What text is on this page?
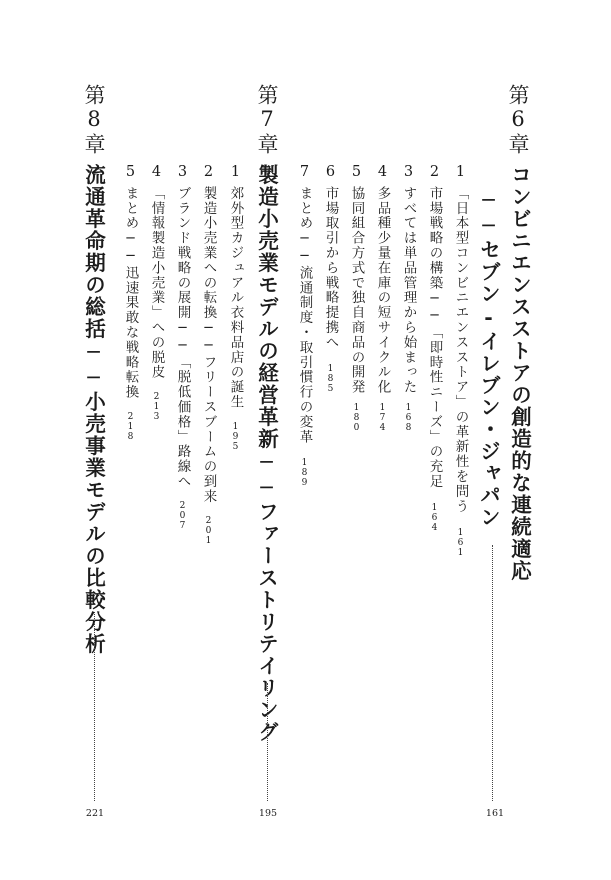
第6章
コンビニエンスストアの創造的な連続適応
──セブン-イレブン・ジャパン
161
1
「日本型コンビニエンスストア」の革新性を問う161
2
市場戦略の構築──「即時性ニーズ」の充足164
3
すべては単品管理から始まった168
4
多品種少量在庫の短サイクル化174
5
協同組合方式で独自商品の開発180
6
市場取引から戦略提携へ185
7
まとめ──流通制度・取引慣行の変革189
第7章
製造小売業モデルの経営革新──ファーストリテイリング
195
1
郊外型カジュアル衣料品店の誕生195
2
製造小売業への転換──フリースブームの到来201
3
ブランド戦略の展開──「脱低価格」路線へ207
4
「情報製造小売業」への脱皮213
5
まとめ──迅速果敢な戦略転換218
第8章
流通革命期の総括──小売事業モデルの比較分析
221
